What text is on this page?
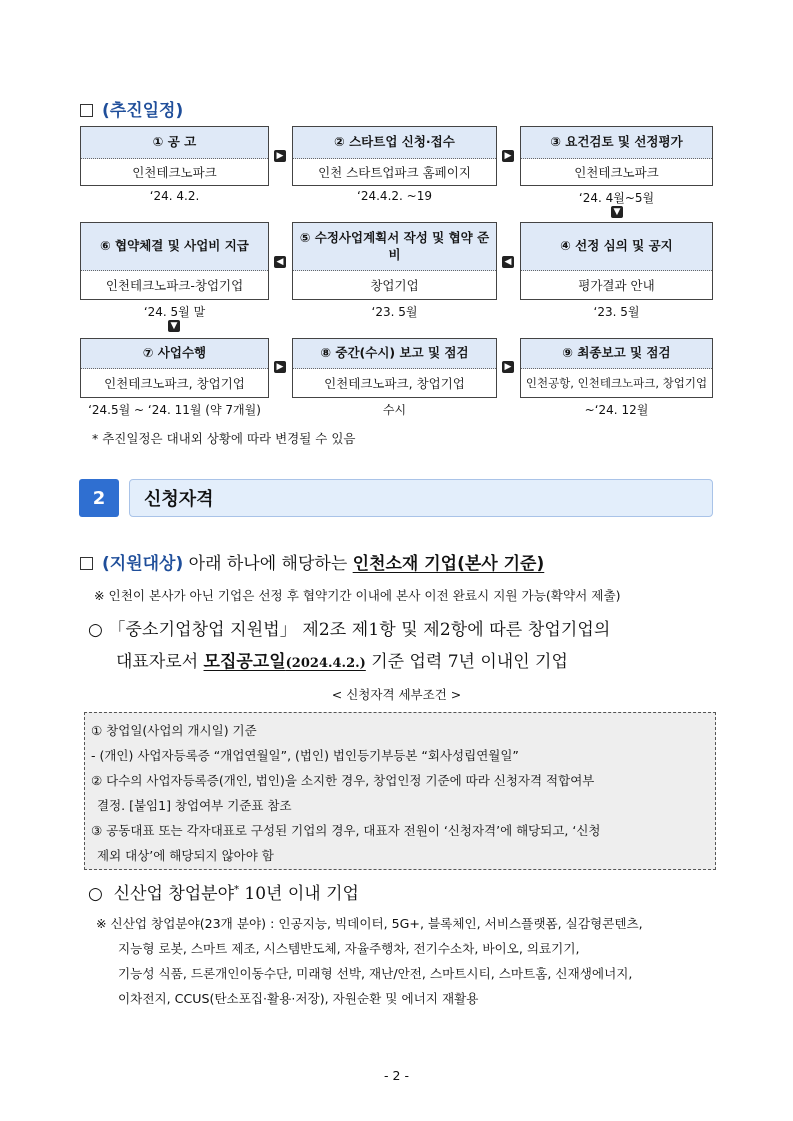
(추진일정)
① 공 고
인천테크노파크
‘24. 4.2.
▶
② 스타트업 신청·접수
인천 스타트업파크 홈페이지
‘24.4.2. ~19
▶
③ 요건검토 및 선정평가
인천테크노파크
‘24. 4월~5월
▼
⑥ 협약체결 및 사업비 지급
인천테크노파크-창업기업
‘24. 5월 말
▼
◀
⑤ 수정사업계획서 작성 및 협약 준비
창업기업
‘23. 5월
◀
④ 선정 심의 및 공지
평가결과 안내
‘23. 5월
⑦ 사업수행
인천테크노파크, 창업기업
‘24.5월 ~ ‘24. 11월 (약 7개월)
▶
⑧ 중간(수시) 보고 및 점검
인천테크노파크, 창업기업
수시
▶
⑨ 최종보고 및 점검
인천공항, 인천테크노파크, 창업기업
~‘24. 12월
* 추진일정은 대내외 상황에 따라 변경될 수 있음
2	신청자격
(지원대상) 아래 하나에 해당하는 인천소재 기업(본사 기준)
※ 인천이 본사가 아닌 기업은 선정 후 협약기간 이내에 본사 이전 완료시 지원 가능(확약서 제출)
○ 「중소기업창업 지원법」 제2조 제1항 및 제2항에 따른 창업기업의
대표자로서 모집공고일(2024.4.2.) 기준 업력 7년 이내인 기업
< 신청자격 세부조건 >
① 창업일(사업의 개시일) 기준
- (개인) 사업자등록증 “개업연월일”, (법인) 법인등기부등본 “회사성립연월일”
② 다수의 사업자등록증(개인, 법인)을 소지한 경우, 창업인정 기준에 따라 신청자격 적합여부
결정. [붙임1] 창업여부 기준표 참조
③ 공동대표 또는 각자대표로 구성된 기업의 경우, 대표자 전원이 ‘신청자격’에 해당되고, ‘신청
제외 대상’에 해당되지 않아야 함
○ 신산업 창업분야* 10년 이내 기업
※ 신산업 창업분야(23개 분야) : 인공지능, 빅데이터, 5G+, 블록체인, 서비스플랫폼, 실감형콘텐츠,
지능형 로봇, 스마트 제조, 시스템반도체, 자율주행차, 전기수소차, 바이오, 의료기기,
기능성 식품, 드론개인이동수단, 미래형 선박, 재난/안전, 스마트시티, 스마트홈, 신재생에너지,
이차전지, CCUS(탄소포집·활용·저장), 자원순환 및 에너지 재활용
- 2 -
